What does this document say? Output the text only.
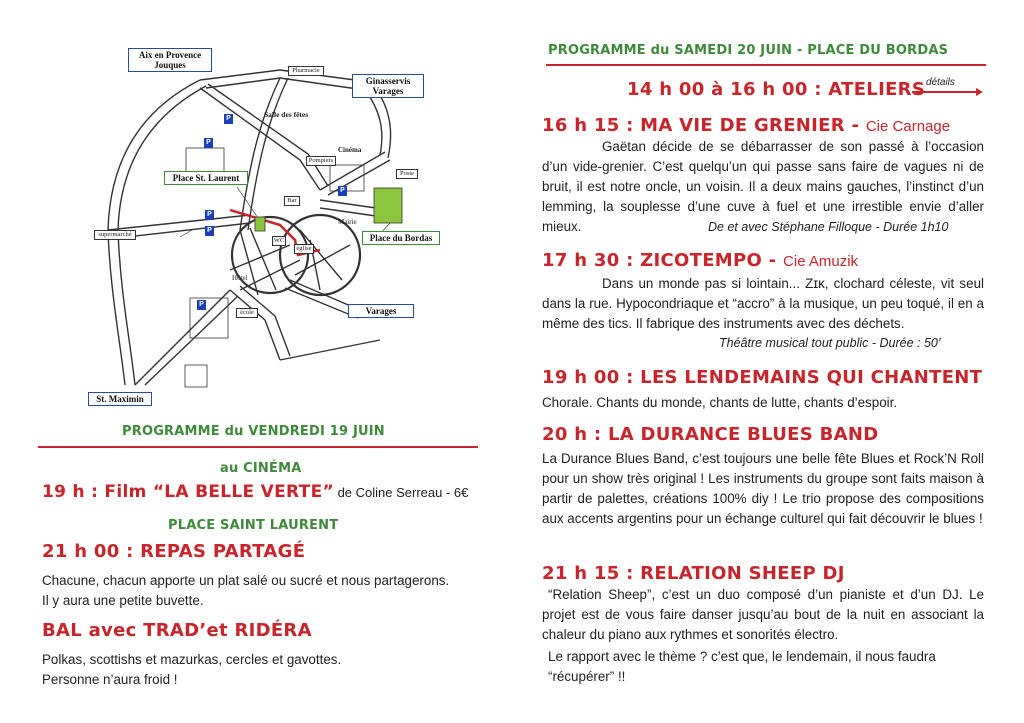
Aix en Provence
Jouques
Pharmacie
Ginasservis
Varages
Salle des fêtes
Cinéma
Pompiers
Poste
Place St. Laurent
Bar
Mairie
Place du Bordas
supermarché
WC
église
Hôtel
école	Varages
St. Maximin
P
P
P
P
P
P
PROGRAMME du VENDREDI 19 JUIN
au CINÉMA
19 h : Film “LA BELLE VERTE” de Coline Serreau - 6€
PLACE SAINT LAURENT
21 h 00 : REPAS PARTAGÉ
Chacune, chacun apporte un plat salé ou sucré et nous partagerons.
Il y aura une petite buvette.
BAL avec TRAD’et RIDÉRA
Polkas, scottishs et mazurkas, cercles et gavottes.
Personne n’aura froid !
PROGRAMME du SAMEDI 20 JUIN - PLACE DU BORDAS
14 h 00 à 16 h 00 : ATELIERS détails
16 h 15 : MA VIE DE GRENIER - Cie Carnage
Gaëtan décide de se débarrasser de son passé à l’occasion d’un vide-grenier. C’est quelqu’un qui passe sans faire de vagues ni de bruit, il est notre oncle, un voisin. Il a deux mains gauches, l’instinct d’un lemming, la souplesse d’une cuve à fuel et une irrestible envie d’aller mieux.	De et avec Stéphane Filloque - Durée 1h10
17 h 30 : ZICOTEMPO - Cie Amuzik
Dans un monde pas si lointain... Zɪĸ, clochard céleste, vit seul dans la rue. Hypocondriaque et “accro” à la musique, un peu toqué, il en a même des tics. Il fabrique des instruments avec des déchets.
Théâtre musical tout public - Durée : 50’
19 h 00 : LES LENDEMAINS QUI CHANTENT
Chorale. Chants du monde, chants de lutte, chants d’espoir.
20 h : LA DURANCE BLUES BAND
La Durance Blues Band, c’est toujours une belle fête Blues et Rock’N Roll pour un show très original ! Les instruments du groupe sont faits maison à partir de palettes, créations 100% diy ! Le trio propose des compositions aux accents argentins pour un échange culturel qui fait découvrir le blues !
21 h 15 : RELATION SHEEP DJ
“Relation Sheep”, c’est un duo composé d’un pianiste et d’un DJ. Le projet est de vous faire danser jusqu’au bout de la nuit en associant la chaleur du piano aux rythmes et sonorités électro.
Le rapport avec le thème ? c’est que, le lendemain, il nous faudra “récupérer” !!
